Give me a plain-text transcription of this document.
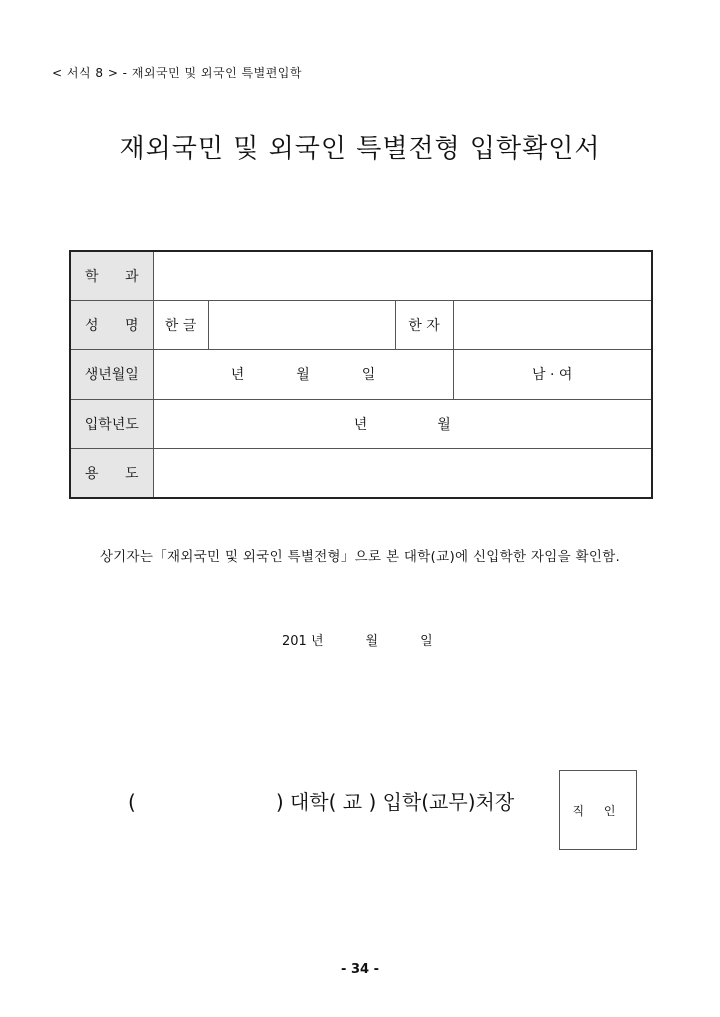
< 서식 8 > - 재외국민 및 외국인 특별편입학
재외국민 및 외국인 특별전형 입학확인서
학 과				

성 명	한 글		한 자	
생년월일	년 월 일			남 · 여
입학년도	년 월			

용 도				

상기자는「재외국민 및 외국인 특별전형」으로 본 대학(교)에 신입학한 자임을 확인함.
201 년	월	일
(	) 대학( 교 ) 입학(교무)처장	직 인
- 34 -
